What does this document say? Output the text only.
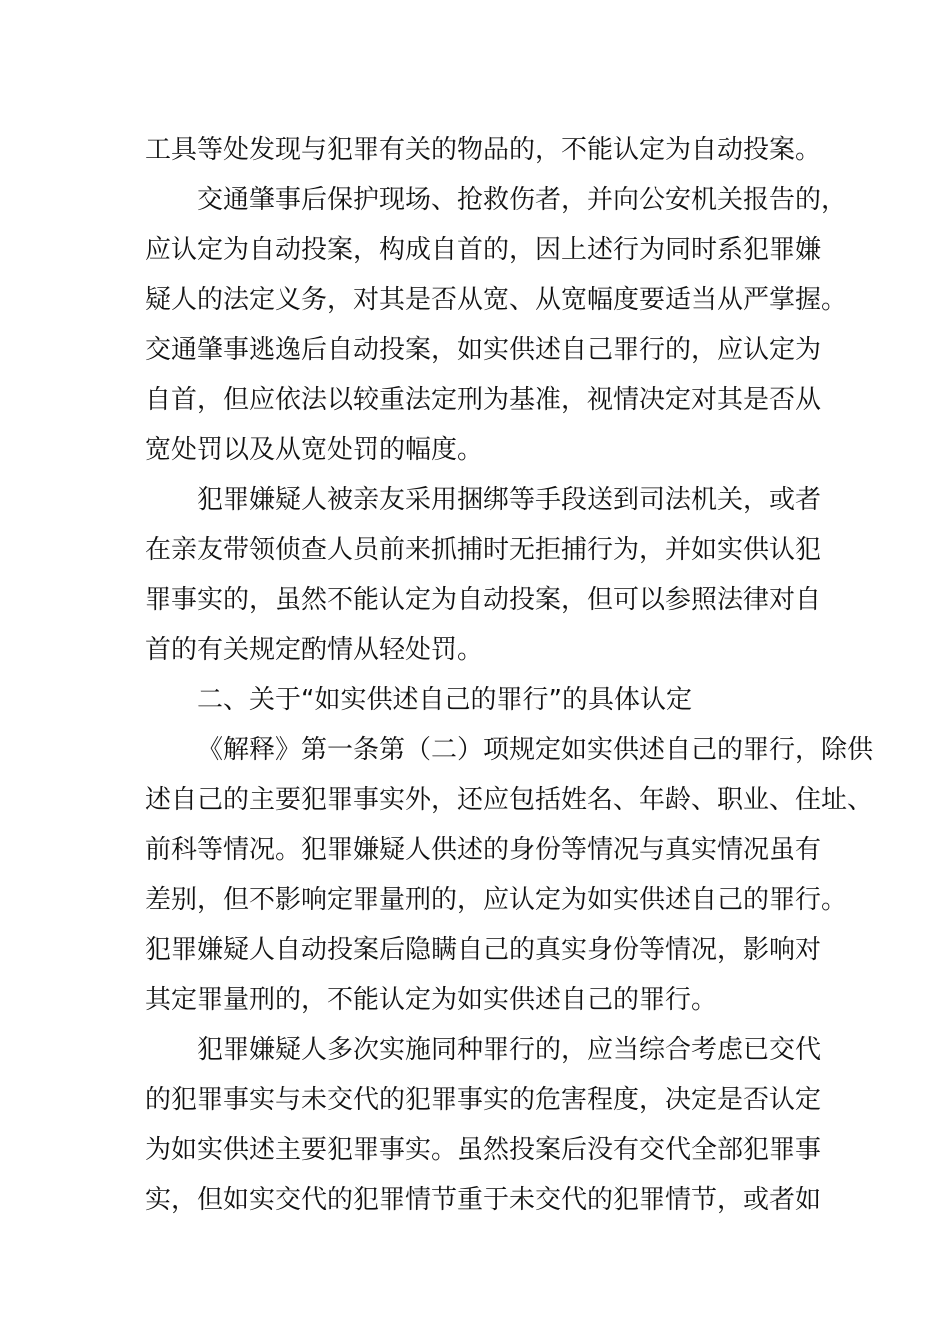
工具等处发现与犯罪有关的物品的，不能认定为自动投案。
交通肇事后保护现场、抢救伤者，并向公安机关报告的，
应认定为自动投案，构成自首的，因上述行为同时系犯罪嫌
疑人的法定义务，对其是否从宽、从宽幅度要适当从严掌握。
交通肇事逃逸后自动投案，如实供述自己罪行的，应认定为
自首，但应依法以较重法定刑为基准，视情决定对其是否从
宽处罚以及从宽处罚的幅度。
犯罪嫌疑人被亲友采用捆绑等手段送到司法机关，或者
在亲友带领侦查人员前来抓捕时无拒捕行为，并如实供认犯
罪事实的，虽然不能认定为自动投案，但可以参照法律对自
首的有关规定酌情从轻处罚。
二、关于“如实供述自己的罪行”的具体认定
《解释》第一条第（二）项规定如实供述自己的罪行，除供
述自己的主要犯罪事实外，还应包括姓名、年龄、职业、住址、
前科等情况。犯罪嫌疑人供述的身份等情况与真实情况虽有
差别，但不影响定罪量刑的，应认定为如实供述自己的罪行。
犯罪嫌疑人自动投案后隐瞒自己的真实身份等情况，影响对
其定罪量刑的，不能认定为如实供述自己的罪行。
犯罪嫌疑人多次实施同种罪行的，应当综合考虑已交代
的犯罪事实与未交代的犯罪事实的危害程度，决定是否认定
为如实供述主要犯罪事实。虽然投案后没有交代全部犯罪事
实，但如实交代的犯罪情节重于未交代的犯罪情节，或者如
